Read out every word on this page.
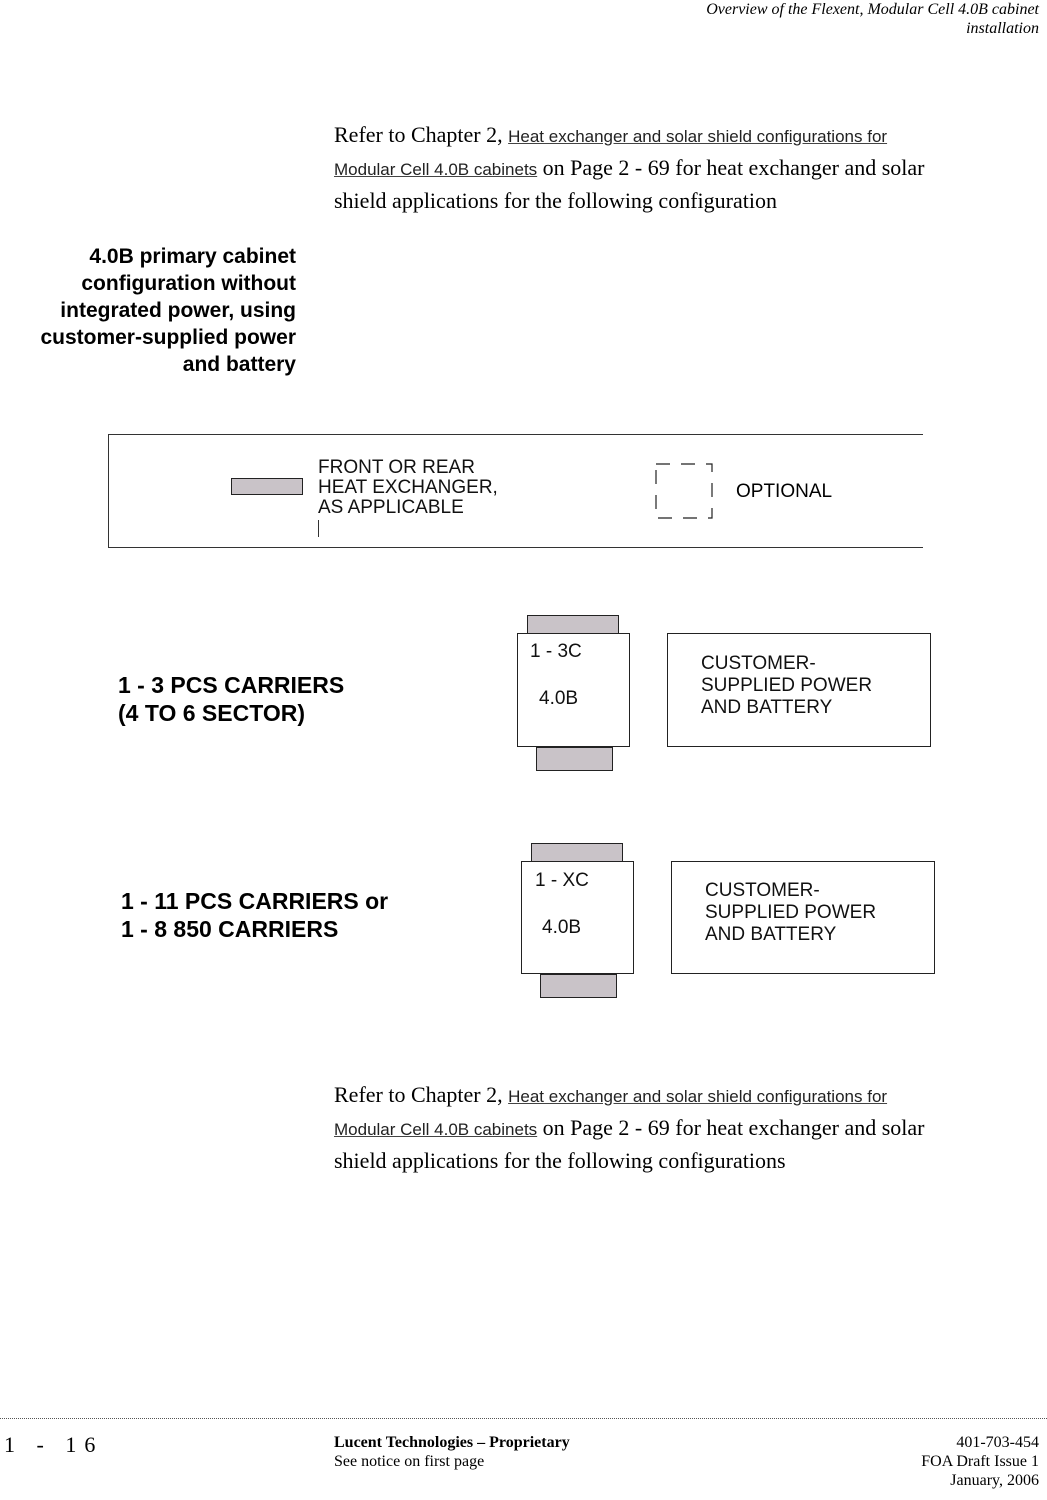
Overview of the Flexent, Modular Cell 4.0B cabinet
installation
Refer to Chapter 2, Heat exchanger and solar shield configurations for
Modular Cell 4.0B cabinets on Page 2 - 69 for heat exchanger and solar
shield applications for the following configuration
4.0B primary cabinet
configuration without
integrated power, using
customer-supplied power
and battery
FRONT OR REAR
HEAT EXCHANGER,
AS APPLICABLE
OPTIONAL
1 - 3 PCS CARRIERS
(4 TO 6 SECTOR)
1 - 3C
4.0B
CUSTOMER-
SUPPLIED POWER
AND BATTERY
1 - 11 PCS CARRIERS or
1 - 8 850 CARRIERS
1 - XC
4.0B
CUSTOMER-
SUPPLIED POWER
AND BATTERY
Refer to Chapter 2, Heat exchanger and solar shield configurations for
Modular Cell 4.0B cabinets on Page 2 - 69 for heat exchanger and solar
shield applications for the following configurations
1 - 16	Lucent Technologies – Proprietary
See notice on first page
401-703-454
FOA Draft Issue 1
January, 2006
